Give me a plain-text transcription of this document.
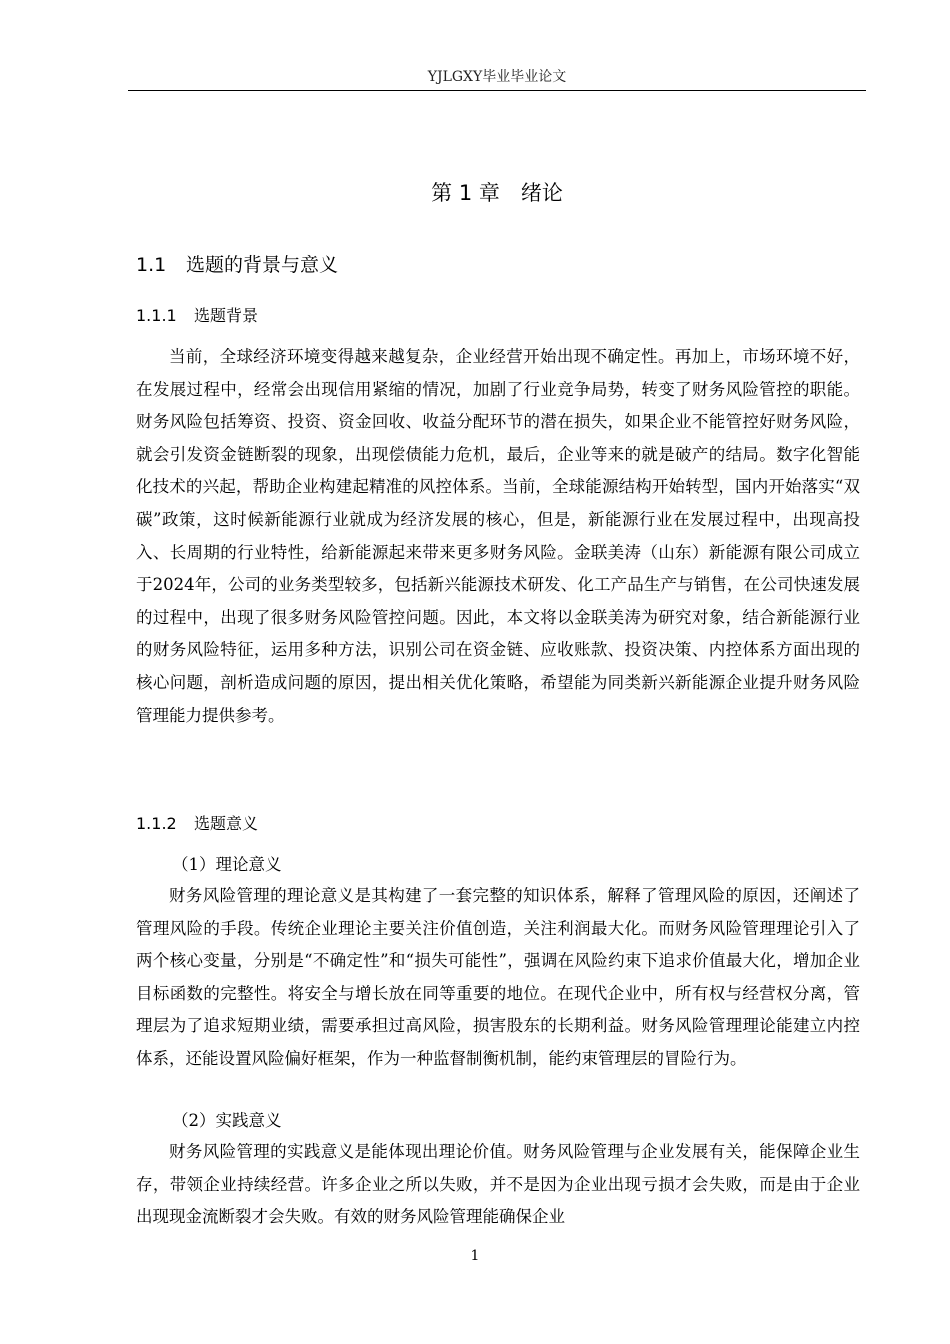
YJLGXY毕业毕业论文
第 1 章　绪论
1.1 选题的背景与意义
1.1.1 选题背景

当前，全球经济环境变得越来越复杂，企业经营开始出现不确定性。再加上，市场环境不好，在发展过程中，经常会出现信用紧缩的情况，加剧了行业竞争局势，转变了财务风险管控的职能。财务风险包括筹资、投资、资金回收、收益分配环节的潜在损失，如果企业不能管控好财务风险，就会引发资金链断裂的现象，出现偿债能力危机，最后，企业等来的就是破产的结局。数字化智能化技术的兴起，帮助企业构建起精准的风控体系。当前，全球能源结构开始转型，国内开始落实“双碳”政策，这时候新能源行业就成为经济发展的核心，但是，新能源行业在发展过程中，出现高投入、长周期的行业特性，给新能源起来带来更多财务风险。金联美涛（山东）新能源有限公司成立于2024年，公司的业务类型较多，包括新兴能源技术研发、化工产品生产与销售，在公司快速发展的过程中，出现了很多财务风险管控问题。因此，本文将以金联美涛为研究对象，结合新能源行业的财务风险特征，运用多种方法，识别公司在资金链、应收账款、投资决策、内控体系方面出现的核心问题，剖析造成问题的原因，提出相关优化策略，希望能为同类新兴新能源企业提升财务风险管理能力提供参考。

1.1.2 选题意义
（1）理论意义

财务风险管理的理论意义是其构建了一套完整的知识体系，解释了管理风险的原因，还阐述了管理风险的手段。传统企业理论主要关注价值创造，关注利润最大化。而财务风险管理理论引入了两个核心变量，分别是“不确定性”和“损失可能性”，强调在风险约束下追求价值最大化，增加企业目标函数的完整性。将安全与增长放在同等重要的地位。在现代企业中，所有权与经营权分离，管理层为了追求短期业绩，需要承担过高风险，损害股东的长期利益。财务风险管理理论能建立内控体系，还能设置风险偏好框架，作为一种监督制衡机制，能约束管理层的冒险行为。

（2）实践意义

财务风险管理的实践意义是能体现出理论价值。财务风险管理与企业发展有关，能保障企业生存，带领企业持续经营。许多企业之所以失败，并不是因为企业出现亏损才会失败，而是由于企业出现现金流断裂才会失败。有效的财务风险管理能确保企业

1
